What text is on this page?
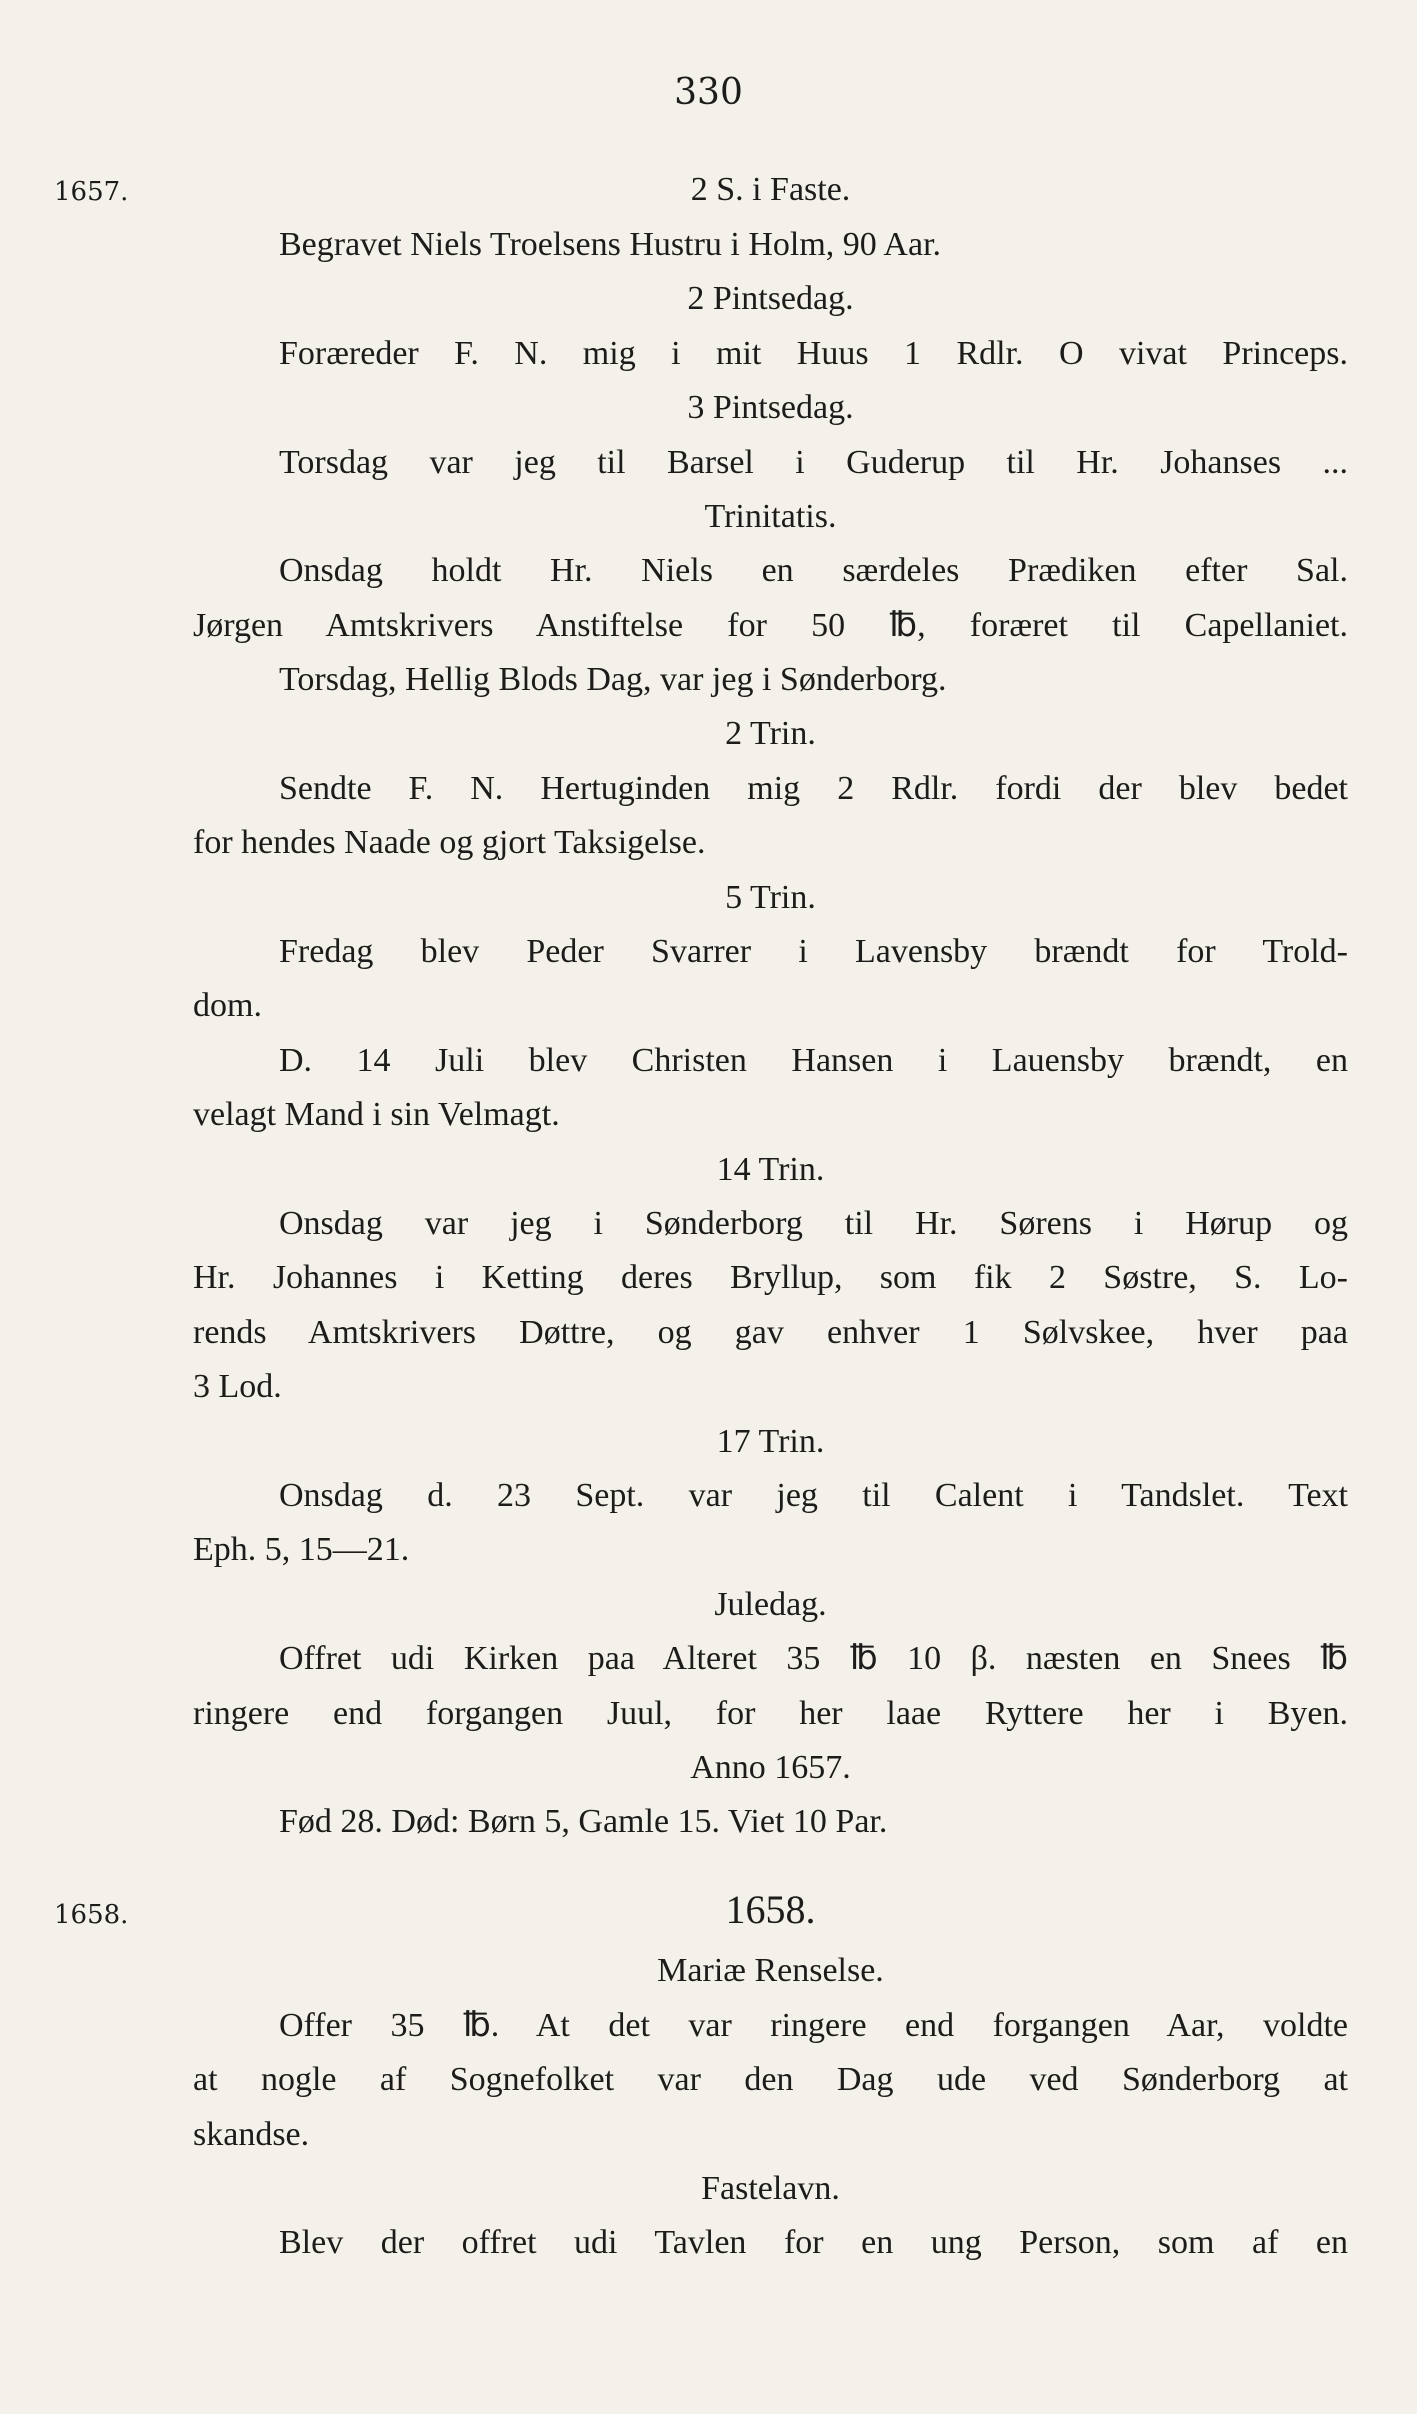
330
1657.
1658.
2 S. i Faste.
Begravet Niels Troelsens Hustru i Holm, 90 Aar.
2 Pintsedag.
Foræreder F. N. mig i mit Huus 1 Rdlr. O vivat Princeps.
3 Pintsedag.
Torsdag var jeg til Barsel i Guderup til Hr. Johanses ...
Trinitatis.
Onsdag holdt Hr. Niels en særdeles Prædiken efter Sal.
Jørgen Amtskrivers Anstiftelse for 50 ℔, foræret til Capellaniet.
Torsdag, Hellig Blods Dag, var jeg i Sønderborg.
2 Trin.
Sendte F. N. Hertuginden mig 2 Rdlr. fordi der blev bedet
for hendes Naade og gjort Taksigelse.
5 Trin.
Fredag blev Peder Svarrer i Lavensby brændt for Trold-
dom.
D. 14 Juli blev Christen Hansen i Lauensby brændt, en
velagt Mand i sin Velmagt.
14 Trin.
Onsdag var jeg i Sønderborg til Hr. Sørens i Hørup og
Hr. Johannes i Ketting deres Bryllup, som fik 2 Søstre, S. Lo-
rends Amtskrivers Døttre, og gav enhver 1 Sølvskee, hver paa
3 Lod.
17 Trin.
Onsdag d. 23 Sept. var jeg til Calent i Tandslet. Text
Eph. 5, 15—21.
Juledag.
Offret udi Kirken paa Alteret 35 ℔ 10 β. næsten en Snees ℔
ringere end forgangen Juul, for her laae Ryttere her i Byen.
Anno 1657.
Fød 28. Død: Børn 5, Gamle 15. Viet 10 Par.
1658.
Mariæ Renselse.
Offer 35 ℔. At det var ringere end forgangen Aar, voldte
at nogle af Sognefolket var den Dag ude ved Sønderborg at
skandse.
Fastelavn.
Blev der offret udi Tavlen for en ung Person, som af en
